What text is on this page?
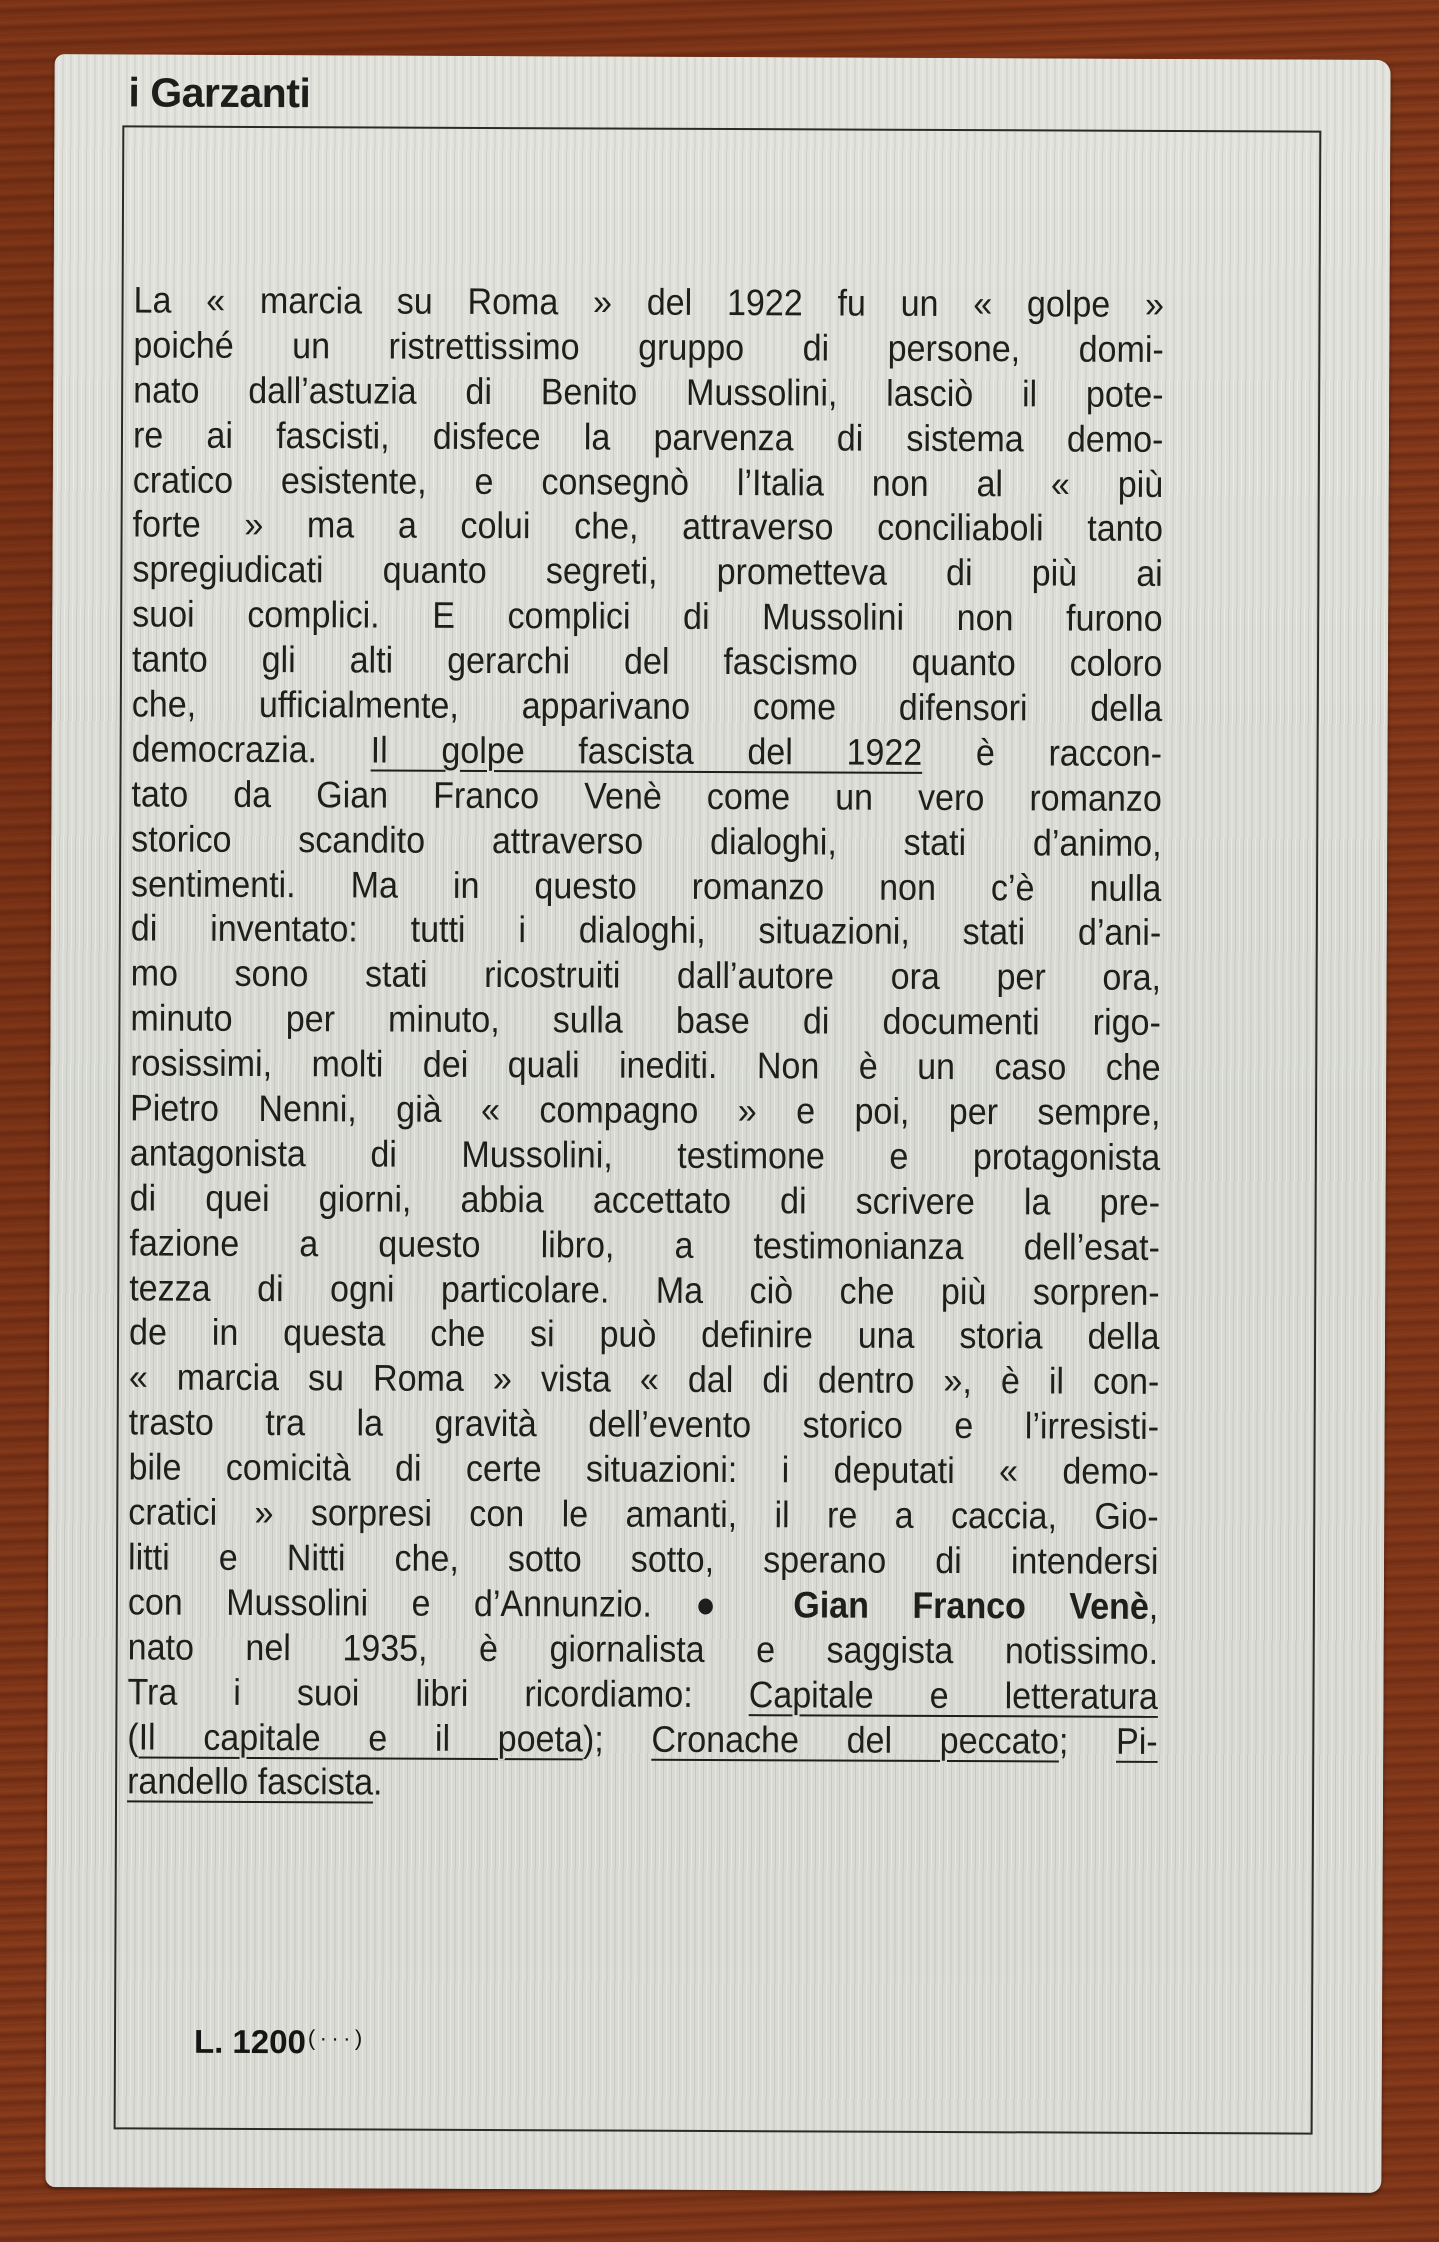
i Garzanti
La « marcia su Roma » del 1922 fu un « golpe »
poiché un ristrettissimo gruppo di persone, domi-
nato dall’astuzia di Benito Mussolini, lasciò il pote-
re ai fascisti, disfece la parvenza di sistema demo-
cratico esistente, e consegnò l’Italia non al « più
forte » ma a colui che, attraverso conciliaboli tanto
spregiudicati quanto segreti, prometteva di più ai
suoi complici. E complici di Mussolini non furono
tanto gli alti gerarchi del fascismo quanto coloro
che, ufficialmente, apparivano come difensori della
democrazia. Il golpe fascista del 1922 è raccon-
tato da Gian Franco Venè come un vero romanzo
storico scandito attraverso dialoghi, stati d’animo,
sentimenti. Ma in questo romanzo non c’è nulla
di inventato: tutti i dialoghi, situazioni, stati d’ani-
mo sono stati ricostruiti dall’autore ora per ora,
minuto per minuto, sulla base di documenti rigo-
rosissimi, molti dei quali inediti. Non è un caso che
Pietro Nenni, già « compagno » e poi, per sempre,
antagonista di Mussolini, testimone e protagonista
di quei giorni, abbia accettato di scrivere la pre-
fazione a questo libro, a testimonianza dell’esat-
tezza di ogni particolare. Ma ciò che più sorpren-
de in questa che si può definire una storia della
« marcia su Roma » vista « dal di dentro », è il con-
trasto tra la gravità dell’evento storico e l’irresisti-
bile comicità di certe situazioni: i deputati « demo-
cratici » sorpresi con le amanti, il re a caccia, Gio-
litti e Nitti che, sotto sotto, sperano di intendersi
con Mussolini e d’Annunzio. ● Gian Franco Venè,
nato nel 1935, è giornalista e saggista notissimo.
Tra i suoi libri ricordiamo: Capitale e letteratura
(Il capitale e il poeta); Cronache del peccato; Pi-
randello fascista.
L. 1200( · · · )
